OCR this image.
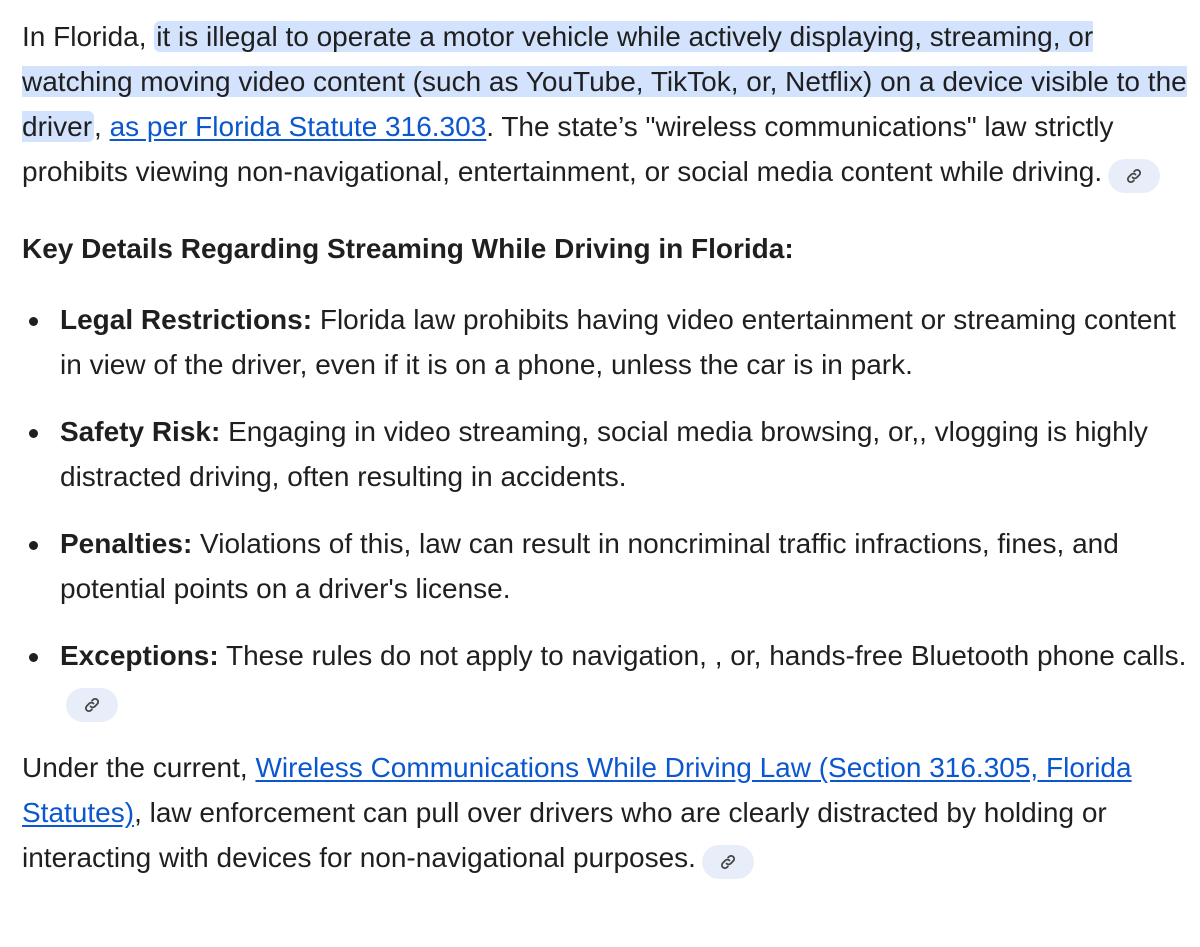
In Florida, it is illegal to operate a motor vehicle while actively displaying, streaming, or watching moving video content (such as YouTube, TikTok, or, Netflix) on a device visible to the driver, as per Florida Statute 316.303. The state’s "wireless communications" law strictly prohibits viewing non-navigational, entertainment, or social media content while driving.

Key Details Regarding Streaming While Driving in Florida:

Legal Restrictions: Florida law prohibits having video entertainment or streaming content in view of the driver, even if it is on a phone, unless the car is in park.
Safety Risk: Engaging in video streaming, social media browsing, or,, vlogging is highly distracted driving, often resulting in accidents.
Penalties: Violations of this, law can result in noncriminal traffic infractions, fines, and potential points on a driver's license.
Exceptions: These rules do not apply to navigation, , or, hands-free Bluetooth phone calls.

Under the current, Wireless Communications While Driving Law (Section 316.305, Florida Statutes), law enforcement can pull over drivers who are clearly distracted by holding or interacting with devices for non-navigational purposes.
